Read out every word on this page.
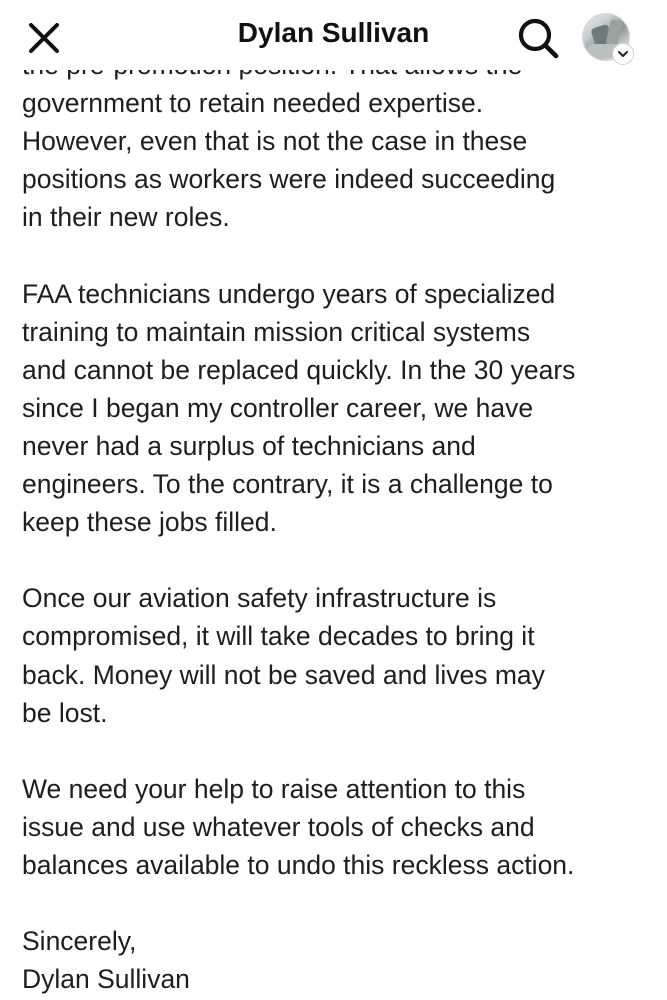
Dylan Sullivan

government to retain needed expertise.
However, even that is not the case in these
positions as workers were indeed succeeding
in their new roles.

FAA technicians undergo years of specialized
training to maintain mission critical systems
and cannot be replaced quickly. In the 30 years
since I began my controller career, we have
never had a surplus of technicians and
engineers. To the contrary, it is a challenge to
keep these jobs filled.

Once our aviation safety infrastructure is
compromised, it will take decades to bring it
back. Money will not be saved and lives may
be lost.

We need your help to raise attention to this
issue and use whatever tools of checks and
balances available to undo this reckless action.

Sincerely,

Dylan Sullivan
